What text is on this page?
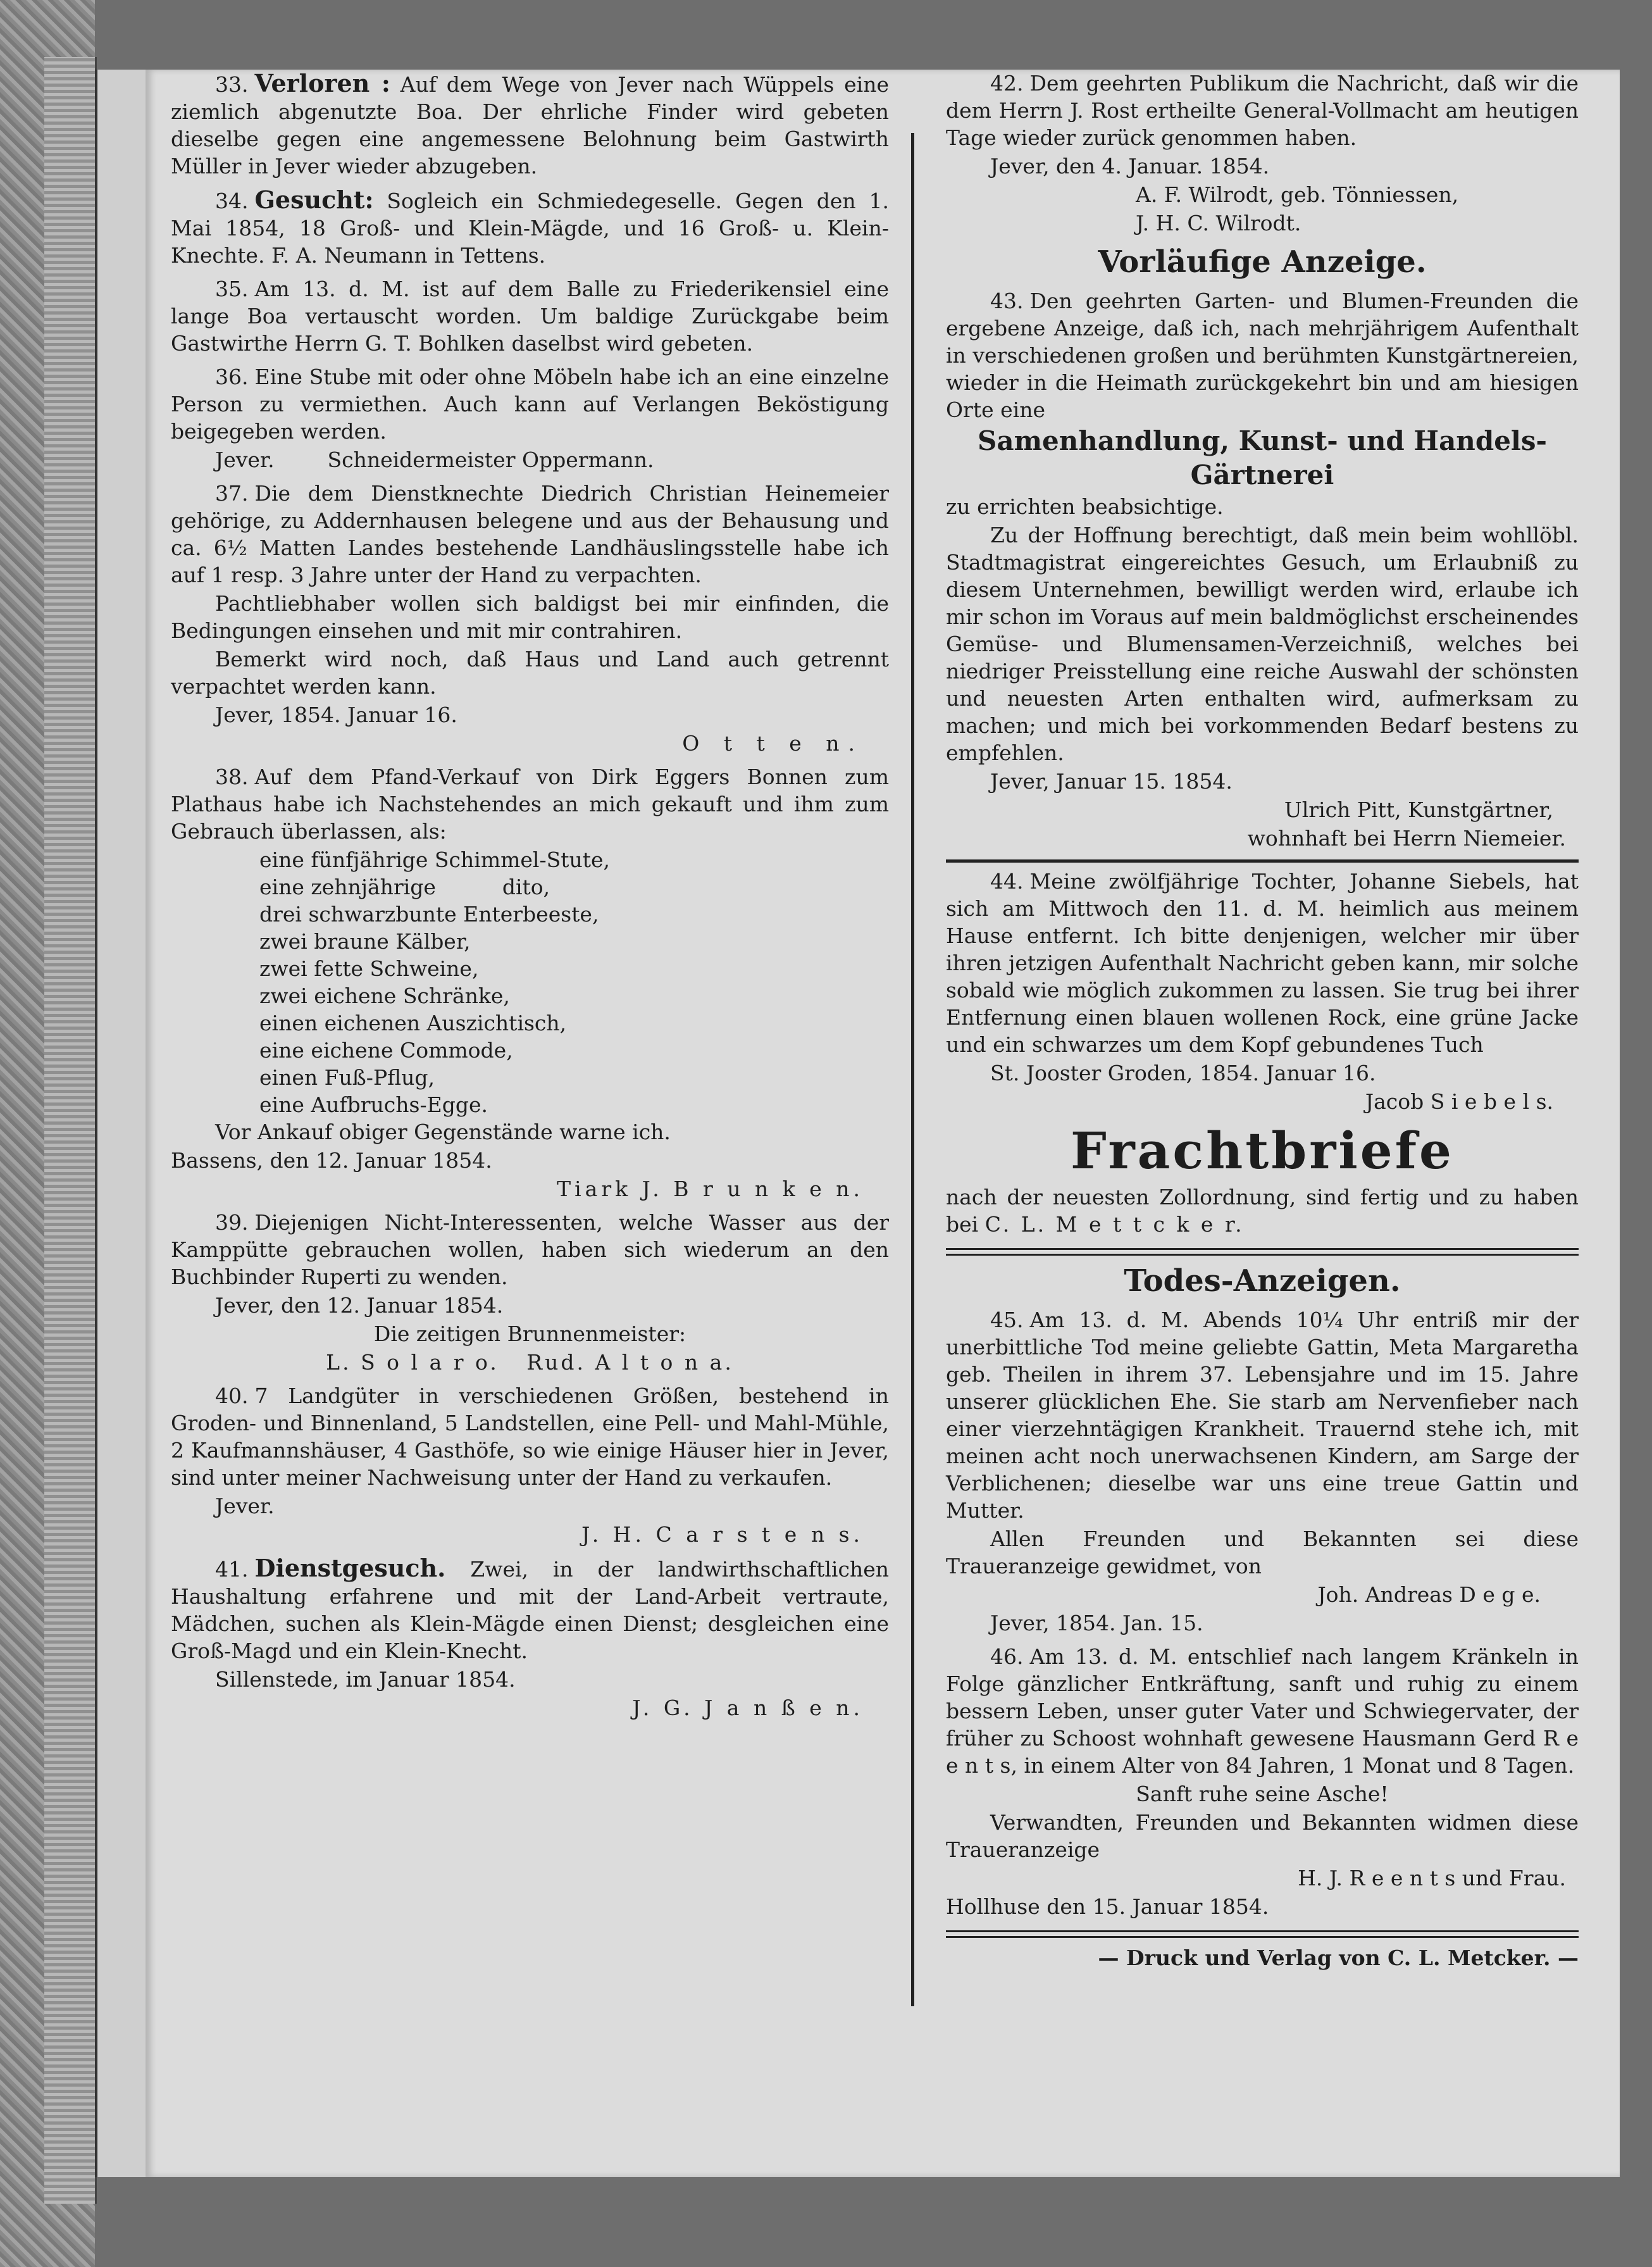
33. Verloren : Auf dem Wege von Jever nach Wüppels eine ziemlich abgenutzte Boa. Der ehrliche Finder wird gebeten dieselbe gegen eine angemessene Belohnung beim Gastwirth Müller in Jever wieder abzugeben.

34. Gesucht: Sogleich ein Schmiedegeselle. Gegen den 1. Mai 1854, 18 Groß- und Klein-Mägde, und 16 Groß- u. Klein-Knechte. F. A. Neumann in Tettens.

35. Am 13. d. M. ist auf dem Balle zu Friederikensiel eine lange Boa vertauscht worden. Um baldige Zurückgabe beim Gastwirthe Herrn G. T. Bohlken daselbst wird gebeten.

36. Eine Stube mit oder ohne Möbeln habe ich an eine einzelne Person zu vermiethen. Auch kann auf Verlangen Beköstigung beigegeben werden.

Jever.	Schneidermeister Oppermann.

37. Die dem Dienstknechte Diedrich Christian Heinemeier gehörige, zu Addernhausen belegene und aus der Behausung und ca. 6½ Matten Landes bestehende Landhäuslingsstelle habe ich auf 1 resp. 3 Jahre unter der Hand zu verpachten.

Pachtliebhaber wollen sich baldigst bei mir einfinden, die Bedingungen einsehen und mit mir contrahiren.

Bemerkt wird noch, daß Haus und Land auch getrennt verpachtet werden kann.

Jever, 1854. Januar 16.

O t t e n.

38. Auf dem Pfand-Verkauf von Dirk Eggers Bonnen zum Plathaus habe ich Nachstehendes an mich gekauft und ihm zum Gebrauch überlassen, als:

eine fünfjährige Schimmel-Stute,
eine zehnjährige          dito,
drei schwarzbunte Enterbeeste,
zwei braune Kälber,
zwei fette Schweine,
zwei eichene Schränke,
einen eichenen Auszichtisch,
eine eichene Commode,
einen Fuß-Pflug,
eine Aufbruchs-Egge.

Vor Ankauf obiger Gegenstände warne ich.

Bassens, den 12. Januar 1854.

Tiark J. B r u n k e n.

39. Diejenigen Nicht-Interessenten, welche Wasser aus der Kamppütte gebrauchen wollen, haben sich wiederum an den Buchbinder Ruperti zu wenden.

Jever, den 12. Januar 1854.

Die zeitigen Brunnenmeister:

L. S o l a r o.   Rud. A l t o n a.

40. 7 Landgüter in verschiedenen Größen, bestehend in Groden- und Binnenland, 5 Landstellen, eine Pell- und Mahl-Mühle, 2 Kaufmannshäuser, 4 Gasthöfe, so wie einige Häuser hier in Jever, sind unter meiner Nachweisung unter der Hand zu verkaufen.

Jever.

J. H. C a r s t e n s.

41. Dienstgesuch. Zwei, in der landwirthschaftlichen Haushaltung erfahrene und mit der Land-Arbeit vertraute, Mädchen, suchen als Klein-Mägde einen Dienst; desgleichen eine Groß-Magd und ein Klein-Knecht.

Sillenstede, im Januar 1854.

J. G. J a n ß e n.

42. Dem geehrten Publikum die Nachricht, daß wir die dem Herrn J. Rost ertheilte General-Vollmacht am heutigen Tage wieder zurück genommen haben.

Jever, den 4. Januar. 1854.

A. F. Wilrodt, geb. Tönniessen,

J. H. C. Wilrodt.

Vorläufige Anzeige.

43. Den geehrten Garten- und Blumen-Freunden die ergebene Anzeige, daß ich, nach mehrjährigem Aufenthalt in verschiedenen großen und berühmten Kunstgärtnereien, wieder in die Heimath zurückgekehrt bin und am hiesigen Orte eine

Samenhandlung, Kunst- und Handels-

Gärtnerei

zu errichten beabsichtige.

Zu der Hoffnung berechtigt, daß mein beim wohllöbl. Stadtmagistrat eingereichtes Gesuch, um Erlaubniß zu diesem Unternehmen, bewilligt werden wird, erlaube ich mir schon im Voraus auf mein baldmöglichst erscheinendes Gemüse- und Blumensamen-Verzeichniß, welches bei niedriger Preisstellung eine reiche Auswahl der schönsten und neuesten Arten enthalten wird, aufmerksam zu machen; und mich bei vorkommenden Bedarf bestens zu empfehlen.

Jever, Januar 15. 1854.

Ulrich Pitt, Kunstgärtner,

wohnhaft bei Herrn Niemeier.

44. Meine zwölfjährige Tochter, Johanne Siebels, hat sich am Mittwoch den 11. d. M. heimlich aus meinem Hause entfernt. Ich bitte denjenigen, welcher mir über ihren jetzigen Aufenthalt Nachricht geben kann, mir solche sobald wie möglich zukommen zu lassen. Sie trug bei ihrer Entfernung einen blauen wollenen Rock, eine grüne Jacke und ein schwarzes um dem Kopf gebundenes Tuch

St. Jooster Groden, 1854. Januar 16.

Jacob S i e b e l s.

Frachtbriefe

nach der neuesten Zollordnung, sind fertig und zu haben bei C. L. M e t t c k e r.

Todes-Anzeigen.

45. Am 13. d. M. Abends 10¼ Uhr entriß mir der unerbittliche Tod meine geliebte Gattin, Meta Margaretha geb. Theilen in ihrem 37. Lebensjahre und im 15. Jahre unserer glücklichen Ehe. Sie starb am Nervenfieber nach einer vierzehntägigen Krankheit. Trauernd stehe ich, mit meinen acht noch unerwachsenen Kindern, am Sarge der Verblichenen; dieselbe war uns eine treue Gattin und Mutter.

Allen Freunden und Bekannten sei diese Traueranzeige gewidmet, von

Joh. Andreas D e g e.

Jever, 1854. Jan. 15.

46. Am 13. d. M. entschlief nach langem Kränkeln in Folge gänzlicher Entkräftung, sanft und ruhig zu einem bessern Leben, unser guter Vater und Schwiegervater, der früher zu Schoost wohnhaft gewesene Hausmann Gerd R e e n t s, in einem Alter von 84 Jahren, 1 Monat und 8 Tagen.

Sanft ruhe seine Asche!

Verwandten, Freunden und Bekannten widmen diese Traueranzeige

H. J. R e e n t s und Frau.

Hollhuse den 15. Januar 1854.

— Druck und Verlag von C. L. Metcker. —
